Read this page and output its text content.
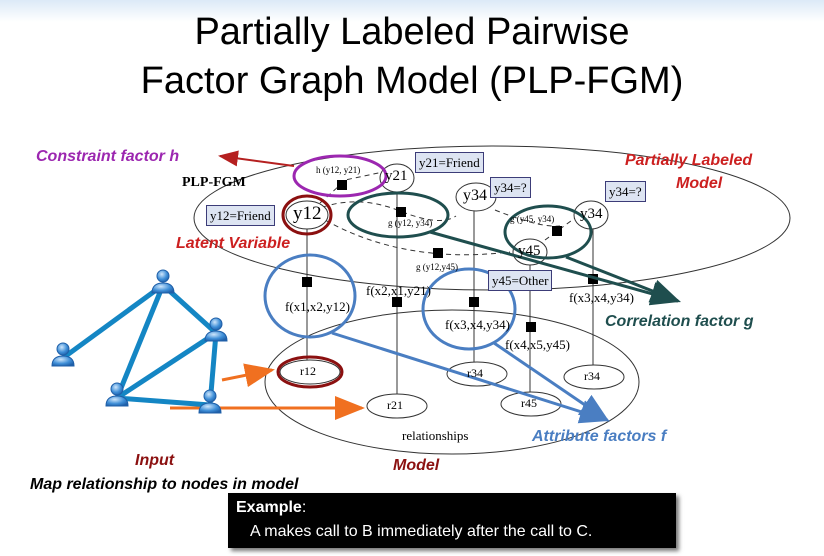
Partially Labeled Pairwise
Factor Graph Model (PLP-FGM)
y12
y21
y34
y34
y45
r12
r21
r34
r45
r34
h (y12, y21)
g (y12, y34)	g (y45, y34)
g (y12,y45)
f(x1,x2,y12)
f(x2,x1,y21)
f(x3,x4,y34)
f(x3,x4,y34)
f(x4,x5,y45)
y21=Friend
y34=?	y34=?
y12=Friend
y45=Other
Constraint factor h
PLP-FGM
Latent Variable
Partially Labeled
Model
Correlation factor g
Attribute factors f
relationships
Model
Input
Map relationship to nodes in model
Example:
A makes call to B immediately after the call to C.
